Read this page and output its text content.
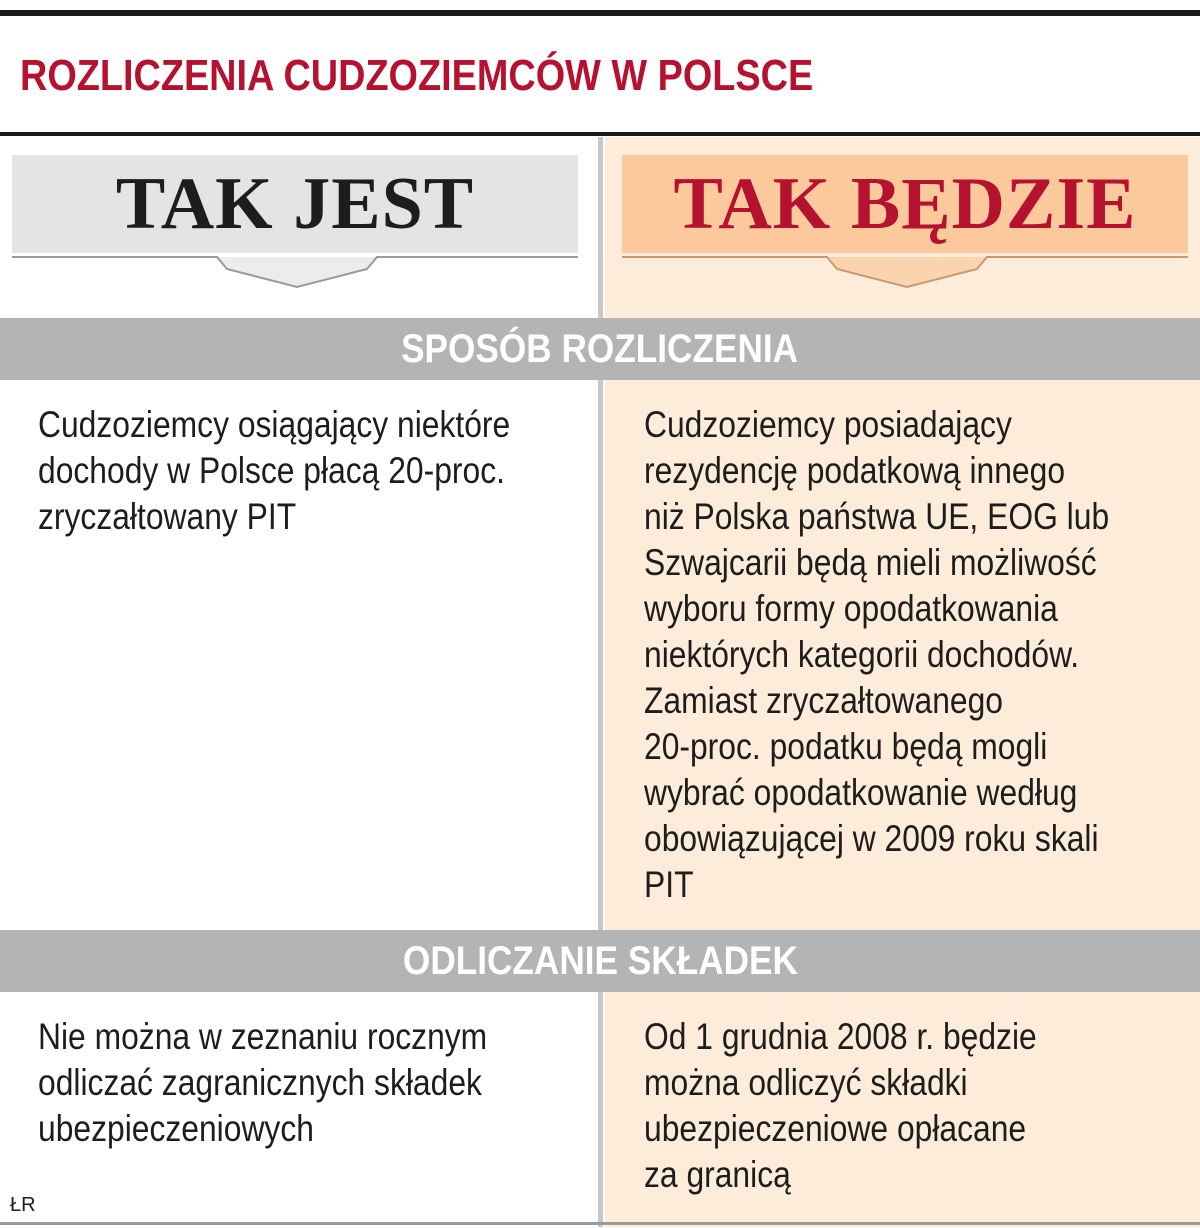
ROZLICZENIA CUDZOZIEMCÓW W POLSCE
TAK JEST	TAK BĘDZIE
SPOSÓB ROZLICZENIA
Cudzoziemcy osiągający niektóre
dochody w Polsce płacą 20-proc.
zryczałtowany PIT
Cudzoziemcy posiadający
rezydencję podatkową innego
niż Polska państwa UE, EOG lub
Szwajcarii będą mieli możliwość
wyboru formy opodatkowania
niektórych kategorii dochodów.
Zamiast zryczałtowanego
20-proc. podatku będą mogli
wybrać opodatkowanie według
obowiązującej w 2009 roku skali
PIT
ODLICZANIE SKŁADEK
Nie można w zeznaniu rocznym
odliczać zagranicznych składek
ubezpieczeniowych
Od 1 grudnia 2008 r. będzie
można odliczyć składki
ubezpieczeniowe opłacane
za granicą
ŁR
